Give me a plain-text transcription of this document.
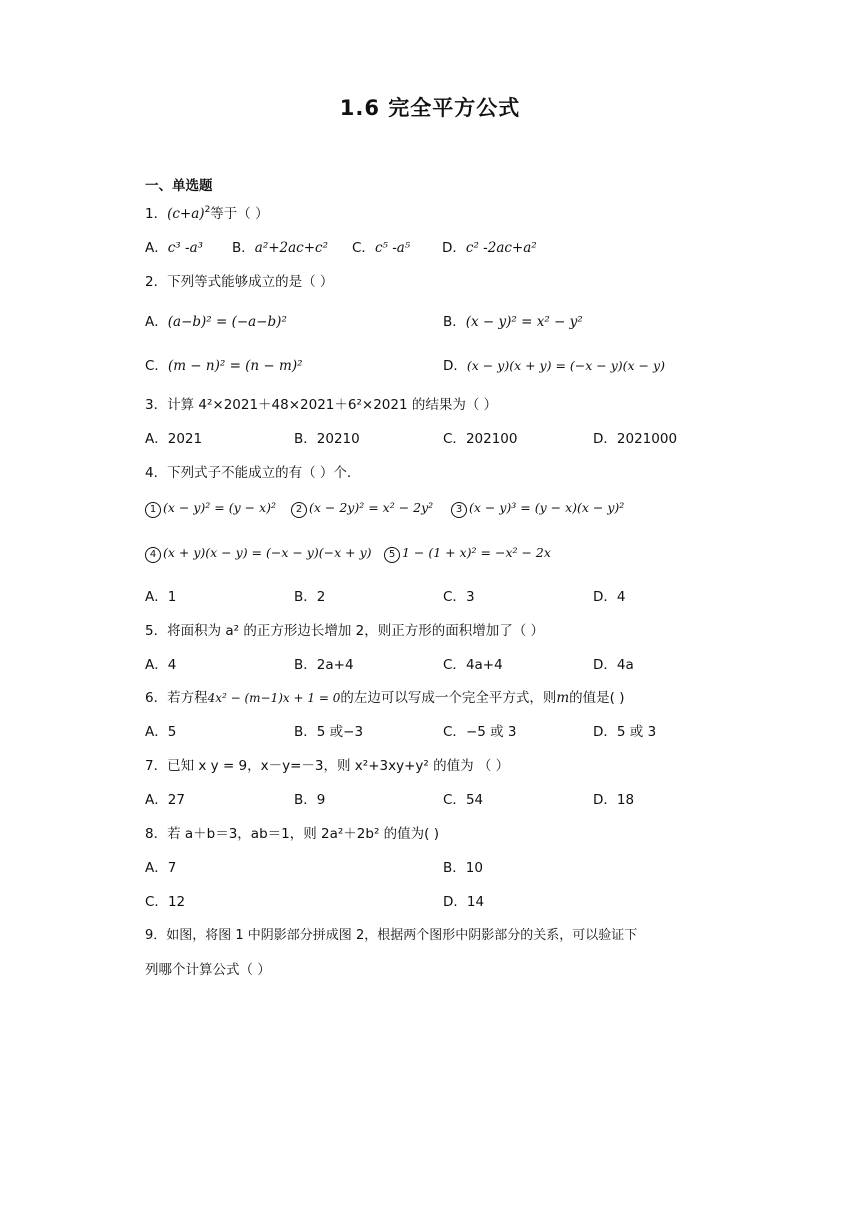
1.6 完全平方公式
一、单选题
1．$(c+a)^2$等于（ ）
A．c³ -a³ B．a²+2ac+c² C．c⁵ -a⁵ D．c² -2ac+a²
2．下列等式能够成立的是（ ）
A．(a−b)² = (−a−b)²	B．(x − y)² = x² − y²
C．(m − n)² = (n − m)²	D．(x − y)(x + y) = (−x − y)(x − y)
3．计算 4²×2021＋48×2021＋6²×2021 的结果为（ ）
A．2021	B．20210	C．202100	D．2021000
4．下列式子不能成立的有（ ）个．
1 (x − y)² = (y − x)²	2 (x − 2y)² = x² − 2y²	3 (x − y)³ = (y − x)(x − y)²
4 (x + y)(x − y) = (−x − y)(−x + y)	5 1 − (1 + x)² = −x² − 2x
A．1	B．2	C．3	D．4
5．将面积为 a² 的正方形边长增加 2，则正方形的面积增加了（ ）
A．4	B．2a+4	C．4a+4	D．4a
6．若方程4x² − (m−1)x + 1 = 0的左边可以写成一个完全平方式，则m的值是( )
A．5	B．5 或−3	C．−5 或 3	D．5 或 3
7．已知 x y = 9，x－y=－3，则 x²+3xy+y² 的值为 （ ）
A．27	B．9	C．54	D．18
8．若 a＋b＝3，ab＝1，则 2a²＋2b² 的值为( )
A．7	B．10
C．12	D．14
9．如图，将图 1 中阴影部分拼成图 2，根据两个图形中阴影部分的关系，可以验证下
列哪个计算公式（ ）
